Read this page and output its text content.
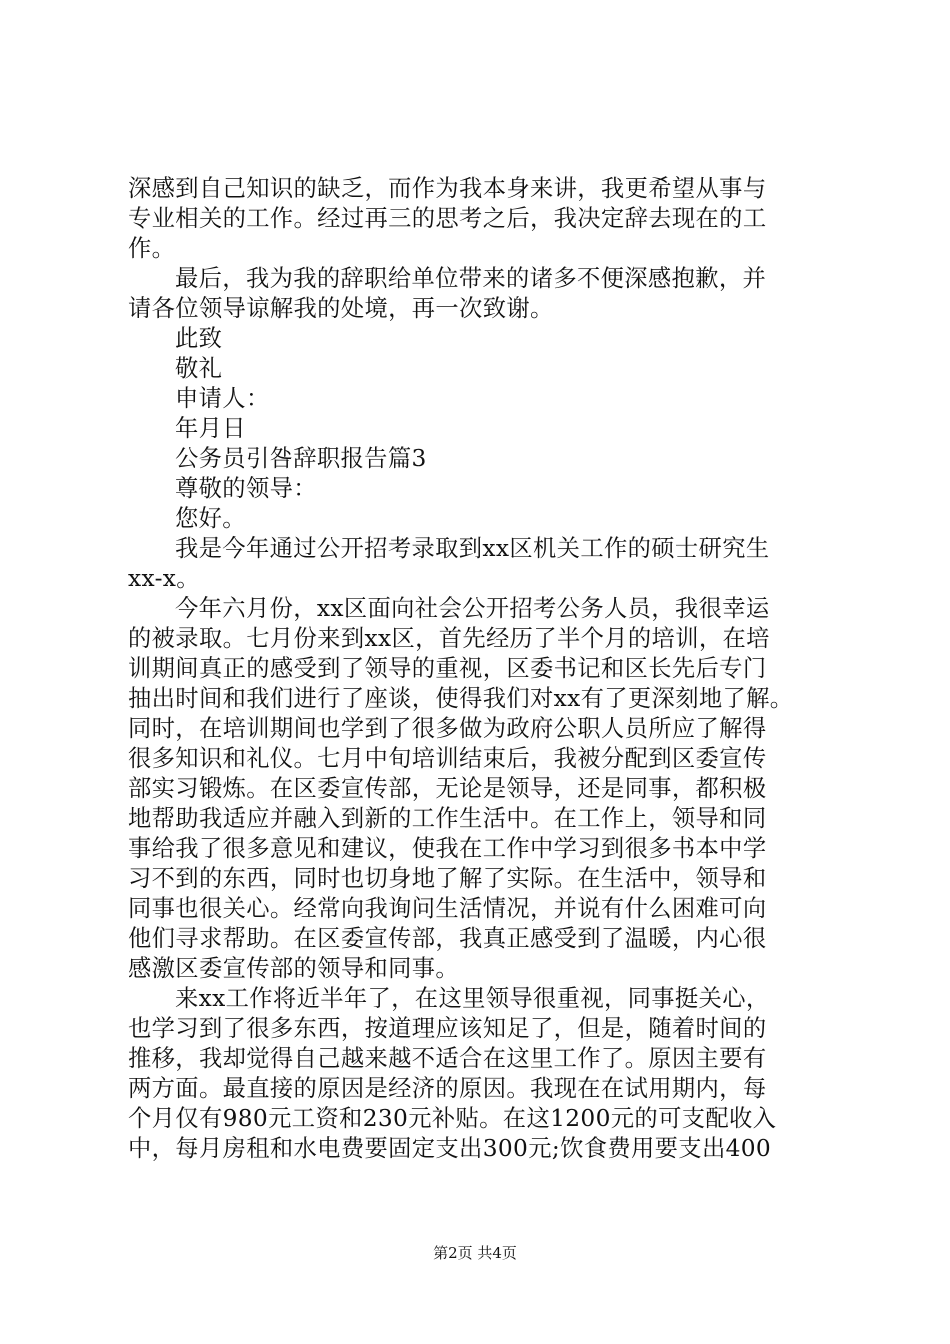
深感到自己知识的缺乏，而作为我本身来讲，我更希望从事与
专业相关的工作。经过再三的思考之后，我决定辞去现在的工
作。
最后，我为我的辞职给单位带来的诸多不便深感抱歉，并
请各位领导谅解我的处境，再一次致谢。
此致
敬礼
申请人：
年月日
公务员引咎辞职报告篇3
尊敬的领导：
您好。
我是今年通过公开招考录取到xx区机关工作的硕士研究生
xx-x。
今年六月份，xx区面向社会公开招考公务人员，我很幸运
的被录取。七月份来到xx区，首先经历了半个月的培训，在培
训期间真正的感受到了领导的重视，区委书记和区长先后专门
抽出时间和我们进行了座谈，使得我们对xx有了更深刻地了解。
同时，在培训期间也学到了很多做为政府公职人员所应了解得
很多知识和礼仪。七月中旬培训结束后，我被分配到区委宣传
部实习锻炼。在区委宣传部，无论是领导，还是同事，都积极
地帮助我适应并融入到新的工作生活中。在工作上，领导和同
事给我了很多意见和建议，使我在工作中学习到很多书本中学
习不到的东西，同时也切身地了解了实际。在生活中，领导和
同事也很关心。经常向我询问生活情况，并说有什么困难可向
他们寻求帮助。在区委宣传部，我真正感受到了温暖，内心很
感激区委宣传部的领导和同事。
来xx工作将近半年了，在这里领导很重视，同事挺关心，
也学习到了很多东西，按道理应该知足了，但是，随着时间的
推移，我却觉得自己越来越不适合在这里工作了。原因主要有
两方面。最直接的原因是经济的原因。我现在在试用期内，每
个月仅有980元工资和230元补贴。在这1200元的可支配收入
中，每月房租和水电费要固定支出300元;饮食费用要支出400
第2页 共4页
